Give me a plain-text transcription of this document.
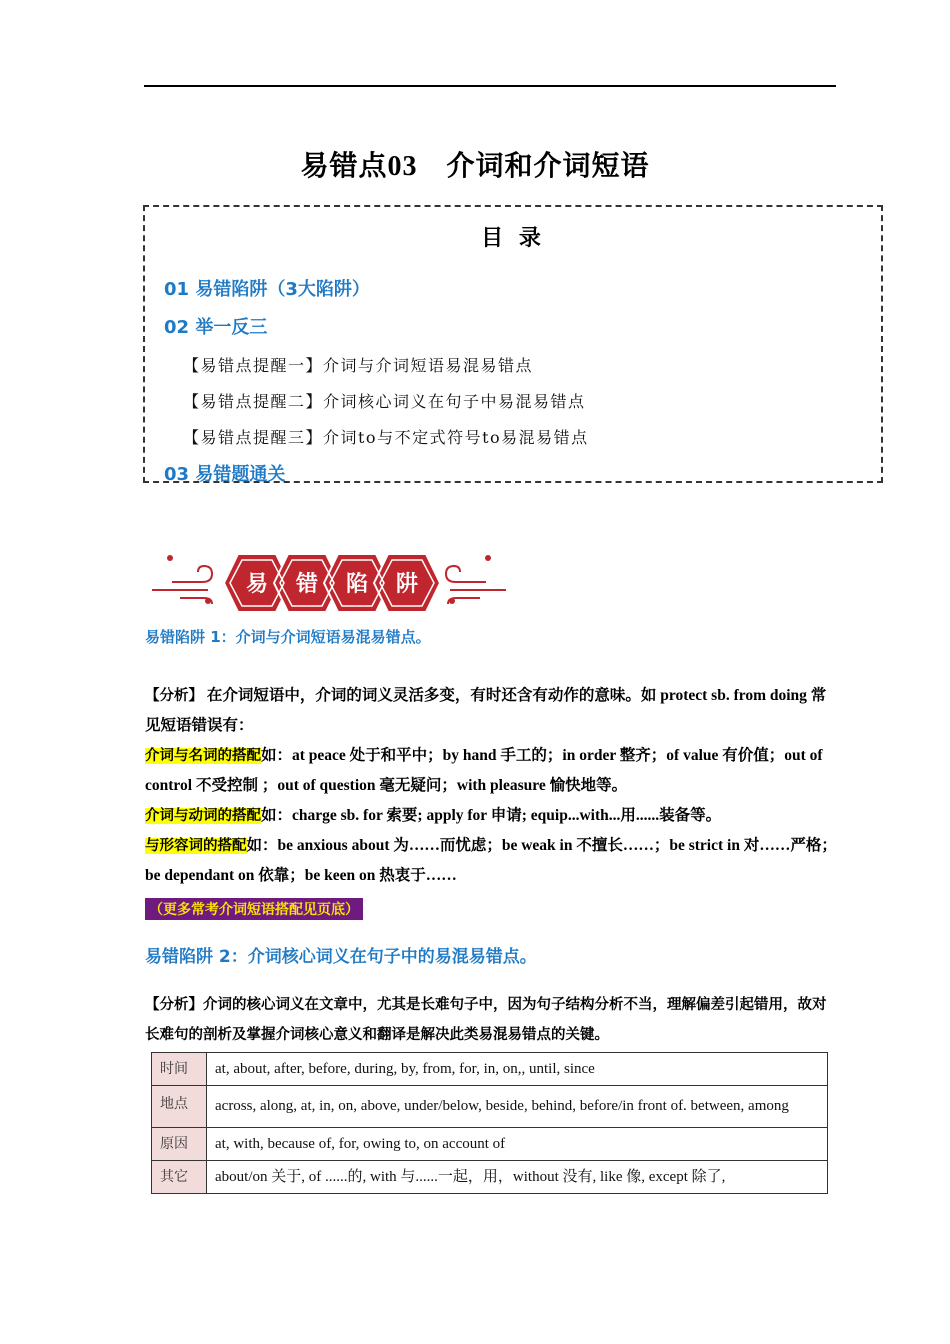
易错点03　介词和介词短语
目 录
01 易错陷阱（3大陷阱）
02 举一反三
【易错点提醒一】介词与介词短语易混易错点
【易错点提醒二】介词核心词义在句子中易混易错点
【易错点提醒三】介词to与不定式符号to易混易错点
03 易错题通关
易 错 陷 阱
易错陷阱 1：介词与介词短语易混易错点。
【分析】 在介词短语中，介词的词义灵活多变，有时还含有动作的意味。如 protect sb. from doing 常见短语错误有：
介词与名词的搭配如：at peace 处于和平中；by hand 手工的；in order 整齐；of value 有价值；out of control 不受控制 ；out of question 毫无疑问；with pleasure 愉快地等。
介词与动词的搭配如：charge sb. for 索要; apply for 申请; equip...with...用......装备等。
与形容词的搭配如：be anxious about 为……而忧虑；be weak in 不擅长……；be strict in 对……严格；be dependant on 依靠；be keen on 热衷于……
（更多常考介词短语搭配见页底）
易错陷阱 2：介词核心词义在句子中的易混易错点。
【分析】介词的核心词义在文章中，尤其是长难句子中，因为句子结构分析不当，理解偏差引起错用，故对长难句的剖析及掌握介词核心意义和翻译是解决此类易混易错点的关键。
时间	at, about, after, before, during, by, from, for, in, on,, until, since
地点	across, along, at, in, on, above, under/below, beside, behind, before/in front of. between, among
原因	at, with, because of, for, owing to, on account of
其它	about/on 关于, of ......的, with 与......一起，用，without 没有, like 像, except 除了,
